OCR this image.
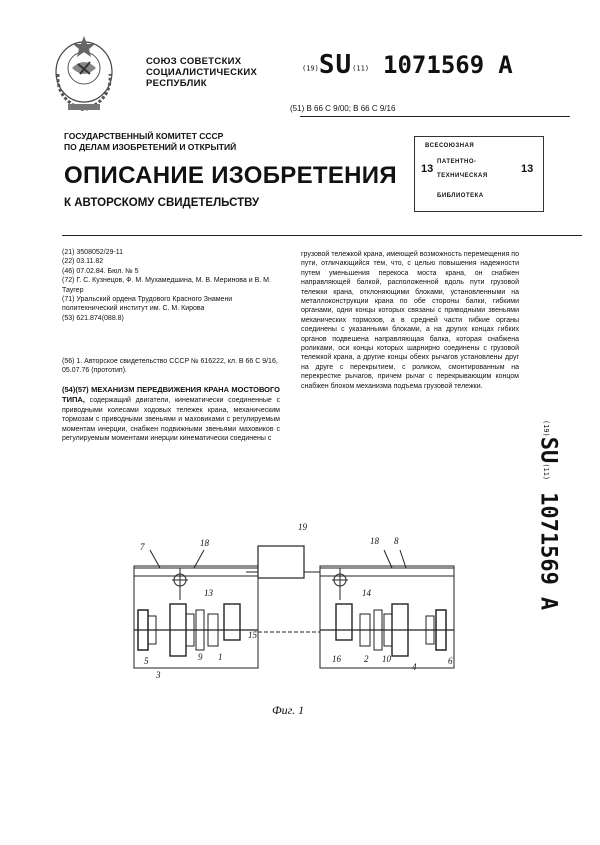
СОЮЗ СОВЕТСКИХ
СОЦИАЛИСТИЧЕСКИХ
РЕСПУБЛИК
(19)SU(11) 1071569 A
(51) В 66 С 9/00; В 66 С 9/16
ГОСУДАРСТВЕННЫЙ КОМИТЕТ СССР
ПО ДЕЛАМ ИЗОБРЕТЕНИЙ И ОТКРЫТИЙ	ВСЕСОЮЗНАЯ
ПАТЕНТНО-
ТЕХНИЧЕСКАЯ
БИБЛИОТЕКА
13	13
ОПИСАНИЕ ИЗОБРЕТЕНИЯ
К АВТОРСКОМУ СВИДЕТЕЛЬСТВУ

(21) 3508052/29-11

(22) 03.11.82

(46) 07.02.84. Бюл. № 5

(72) Г. С. Кузнецов, Ф. М. Мухамедшина, М. В. Меринова и В. М. Таугер

(71) Уральский ордена Трудового Красного Знамени политехнический институт им. С. М. Кирова

(53) 621.874(088.8)

(56) 1. Авторское свидетельство СССР № 616222, кл. В 66 С 9/16, 05.07.76 (прототип).
(54)(57) МЕХАНИЗМ ПЕРЕДВИЖЕНИЯ КРАНА МОСТОВОГО ТИПА, содержащий двигатели, кинематически соединенные с приводными колесами ходовых тележек крана, механическим тормозам с приводными звеньями и маховиками с регулируемым моментам инерции, снабжен подвижными звеньями маховиков с регулируемым моментами инерции кинематически соединены с
грузовой тележкой крана, имеющей возможность перемещения по пути, отличающийся тем, что, с целью повышения надежности путем уменьшения перекоса моста крана, он снабжен направляющей балкой, расположенной вдоль пути грузовой тележки крана, отклоняющими блоками, установленными на металлоконструкции крана по обе стороны балки, гибкими органами, одни концы которых связаны с приводными звеньями механических тормозов, а в средней части гибкие органы соединены с указанными блоками, а на других концах гибких органов подвешена направляющая балка, которая снабжена роликами, оси концы которых шарнирно соединены с грузовой тележкой крана, а другие концы обеих рычагов установлены друг на друге с перекрытием, с роликом, смонтированным на перекрестке рычагов, причем рычаг с перекрывающим концом снабжен блоком механизма подъема грузовой тележки.
(19)SU(11)1071569A
7	18
19
18 8
13
15
5	9 1
3
14
16	2 10
4
6
Фиг. 1
